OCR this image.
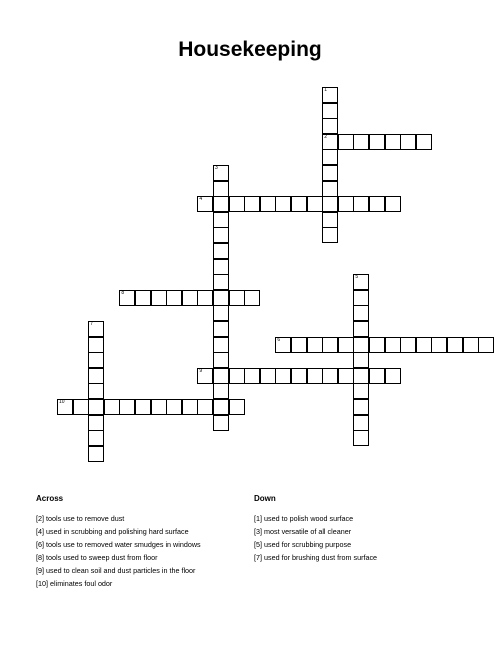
Housekeeping
1
2
3
4
5
6
7
8
9
10
Across
[2] tools use to remove dust
[4] used in scrubbing and polishing hard surface
[6] tools use to removed water smudges in windows
[8] tools used to sweep dust from floor
[9] used to clean soil and dust particles in the floor
[10] eliminates foul odor
Down
[1] used to polish wood surface
[3] most versatile of all cleaner
[5] used for scrubbing purpose
[7] used for brushing dust from surface
